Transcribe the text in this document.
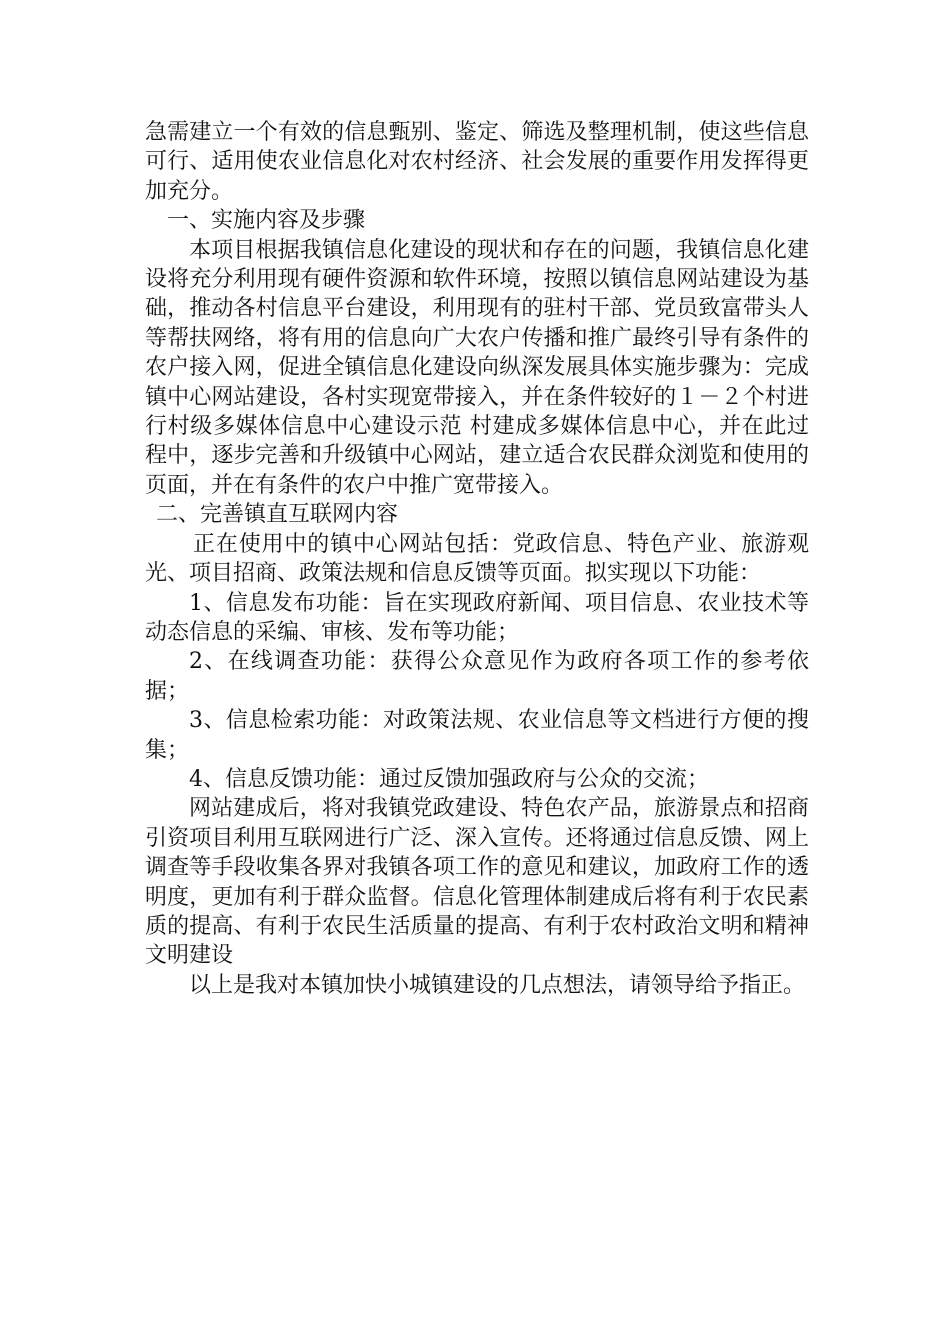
急需建立一个有效的信息甄别、鉴定、筛选及整理机制，使这些信息可行、适用使农业信息化对农村经济、社会发展的重要作用发挥得更加充分。

一、实施内容及步骤

本项目根据我镇信息化建设的现状和存在的问题，我镇信息化建设将充分利用现有硬件资源和软件环境，按照以镇信息网站建设为基础，推动各村信息平台建设，利用现有的驻村干部、党员致富带头人等帮扶网络，将有用的信息向广大农户传播和推广最终引导有条件的农户接入网，促进全镇信息化建设向纵深发展具体实施步骤为：完成镇中心网站建设，各村实现宽带接入，并在条件较好的１－２个村进行村级多媒体信息中心建设示范 村建成多媒体信息中心，并在此过程中，逐步完善和升级镇中心网站，建立适合农民群众浏览和使用的页面，并在有条件的农户中推广宽带接入。

二、完善镇直互联网内容

正在使用中的镇中心网站包括：党政信息、特色产业、旅游观光、项目招商、政策法规和信息反馈等页面。拟实现以下功能：

1、信息发布功能：旨在实现政府新闻、项目信息、农业技术等动态信息的采编、审核、发布等功能；

2、在线调查功能：获得公众意见作为政府各项工作的参考依据；

3、信息检索功能：对政策法规、农业信息等文档进行方便的搜集；

4、信息反馈功能：通过反馈加强政府与公众的交流；

网站建成后，将对我镇党政建设、特色农产品，旅游景点和招商引资项目利用互联网进行广泛、深入宣传。还将通过信息反馈、网上调查等手段收集各界对我镇各项工作的意见和建议，加政府工作的透明度，更加有利于群众监督。信息化管理体制建成后将有利于农民素质的提高、有利于农民生活质量的提高、有利于农村政治文明和精神文明建设

以上是我对本镇加快小城镇建设的几点想法，请领导给予指正。
